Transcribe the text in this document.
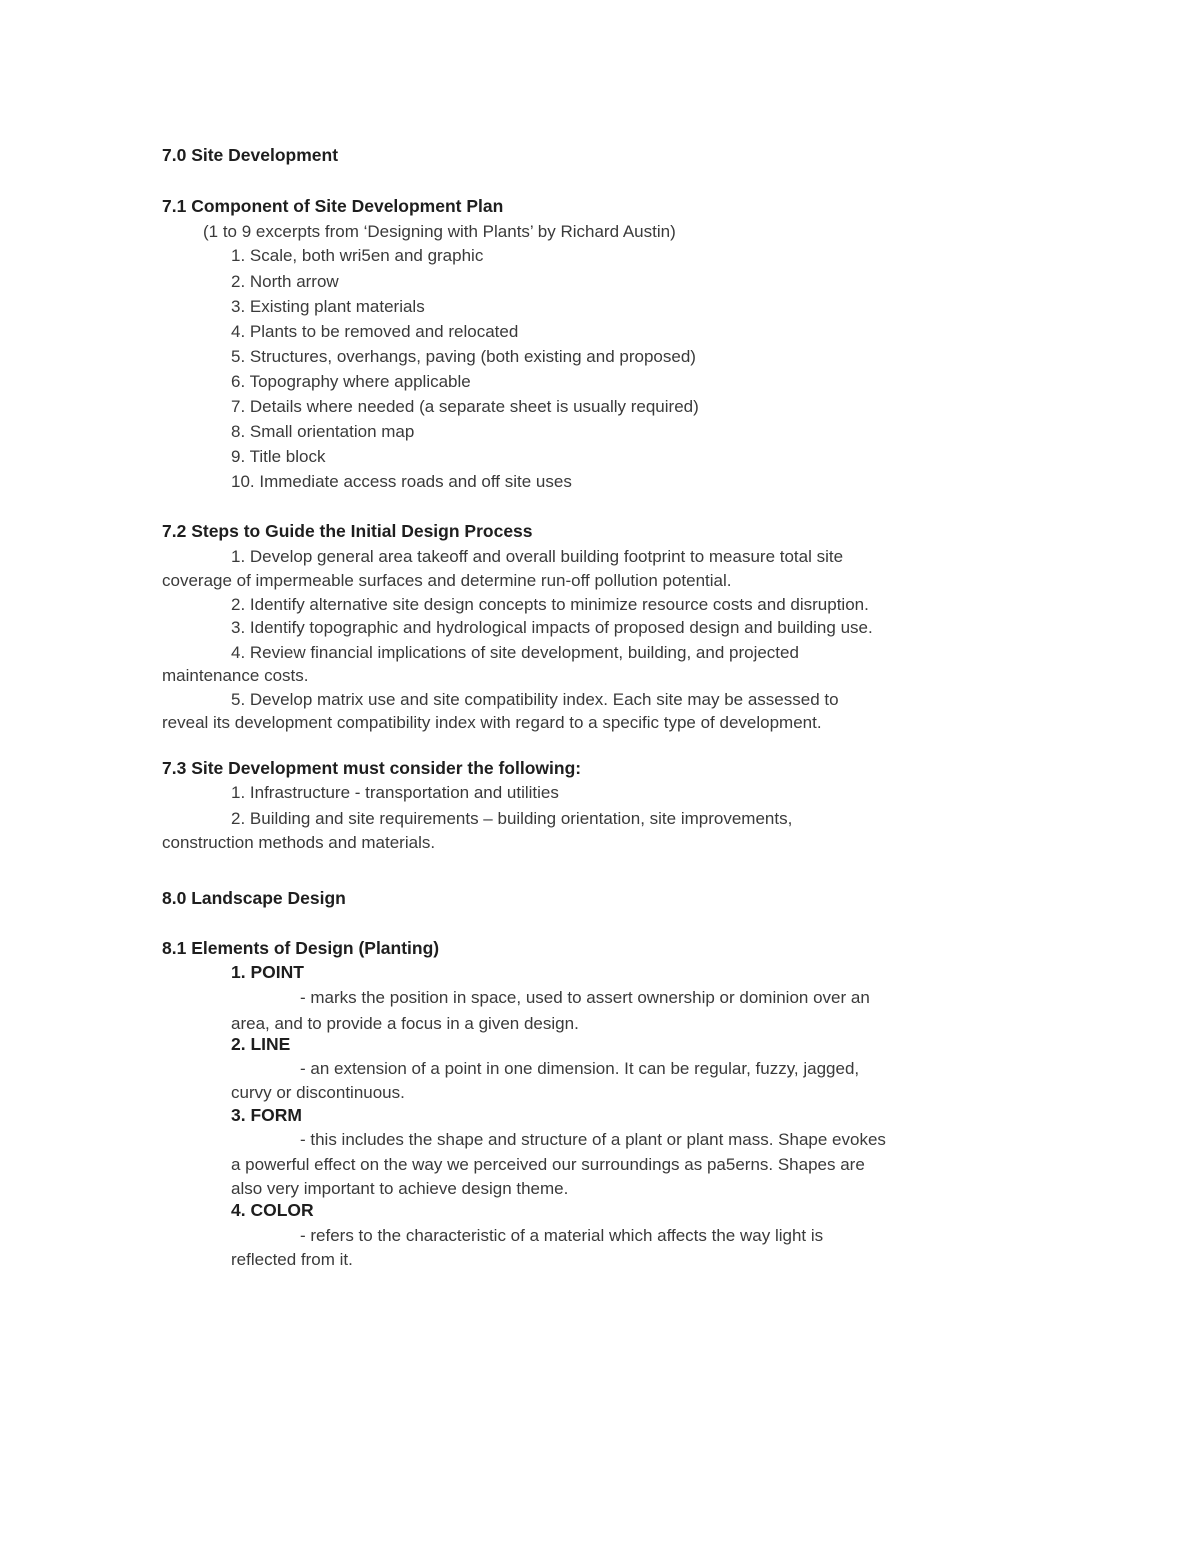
7.0 Site Development
7.1 Component of Site Development Plan
(1 to 9 excerpts from ‘Designing with Plants’ by Richard Austin)
1. Scale, both wri5en and graphic
2. North arrow
3. Existing plant materials
4. Plants to be removed and relocated
5. Structures, overhangs, paving (both existing and proposed)
6. Topography where applicable
7. Details where needed (a separate sheet is usually required)
8. Small orientation map
9. Title block
10. Immediate access roads and off site uses
7.2 Steps to Guide the Initial Design Process
1. Develop general area takeoff and overall building footprint to measure total site
coverage of impermeable surfaces and determine run-off pollution potential.
2. Identify alternative site design concepts to minimize resource costs and disruption.
3. Identify topographic and hydrological impacts of proposed design and building use.
4. Review financial implications of site development, building, and projected
maintenance costs.
5. Develop matrix use and site compatibility index. Each site may be assessed to
reveal its development compatibility index with regard to a specific type of development.
7.3 Site Development must consider the following:
1. Infrastructure - transportation and utilities
2. Building and site requirements – building orientation, site improvements,
construction methods and materials.
8.0 Landscape Design
8.1 Elements of Design (Planting)
1. POINT
- marks the position in space, used to assert ownership or dominion over an
area, and to provide a focus in a given design.
2. LINE
- an extension of a point in one dimension. It can be regular, fuzzy, jagged,
curvy or discontinuous.
3. FORM
- this includes the shape and structure of a plant or plant mass. Shape evokes
a powerful effect on the way we perceived our surroundings as pa5erns. Shapes are
also very important to achieve design theme.
4. COLOR
- refers to the characteristic of a material which affects the way light is
reflected from it.
